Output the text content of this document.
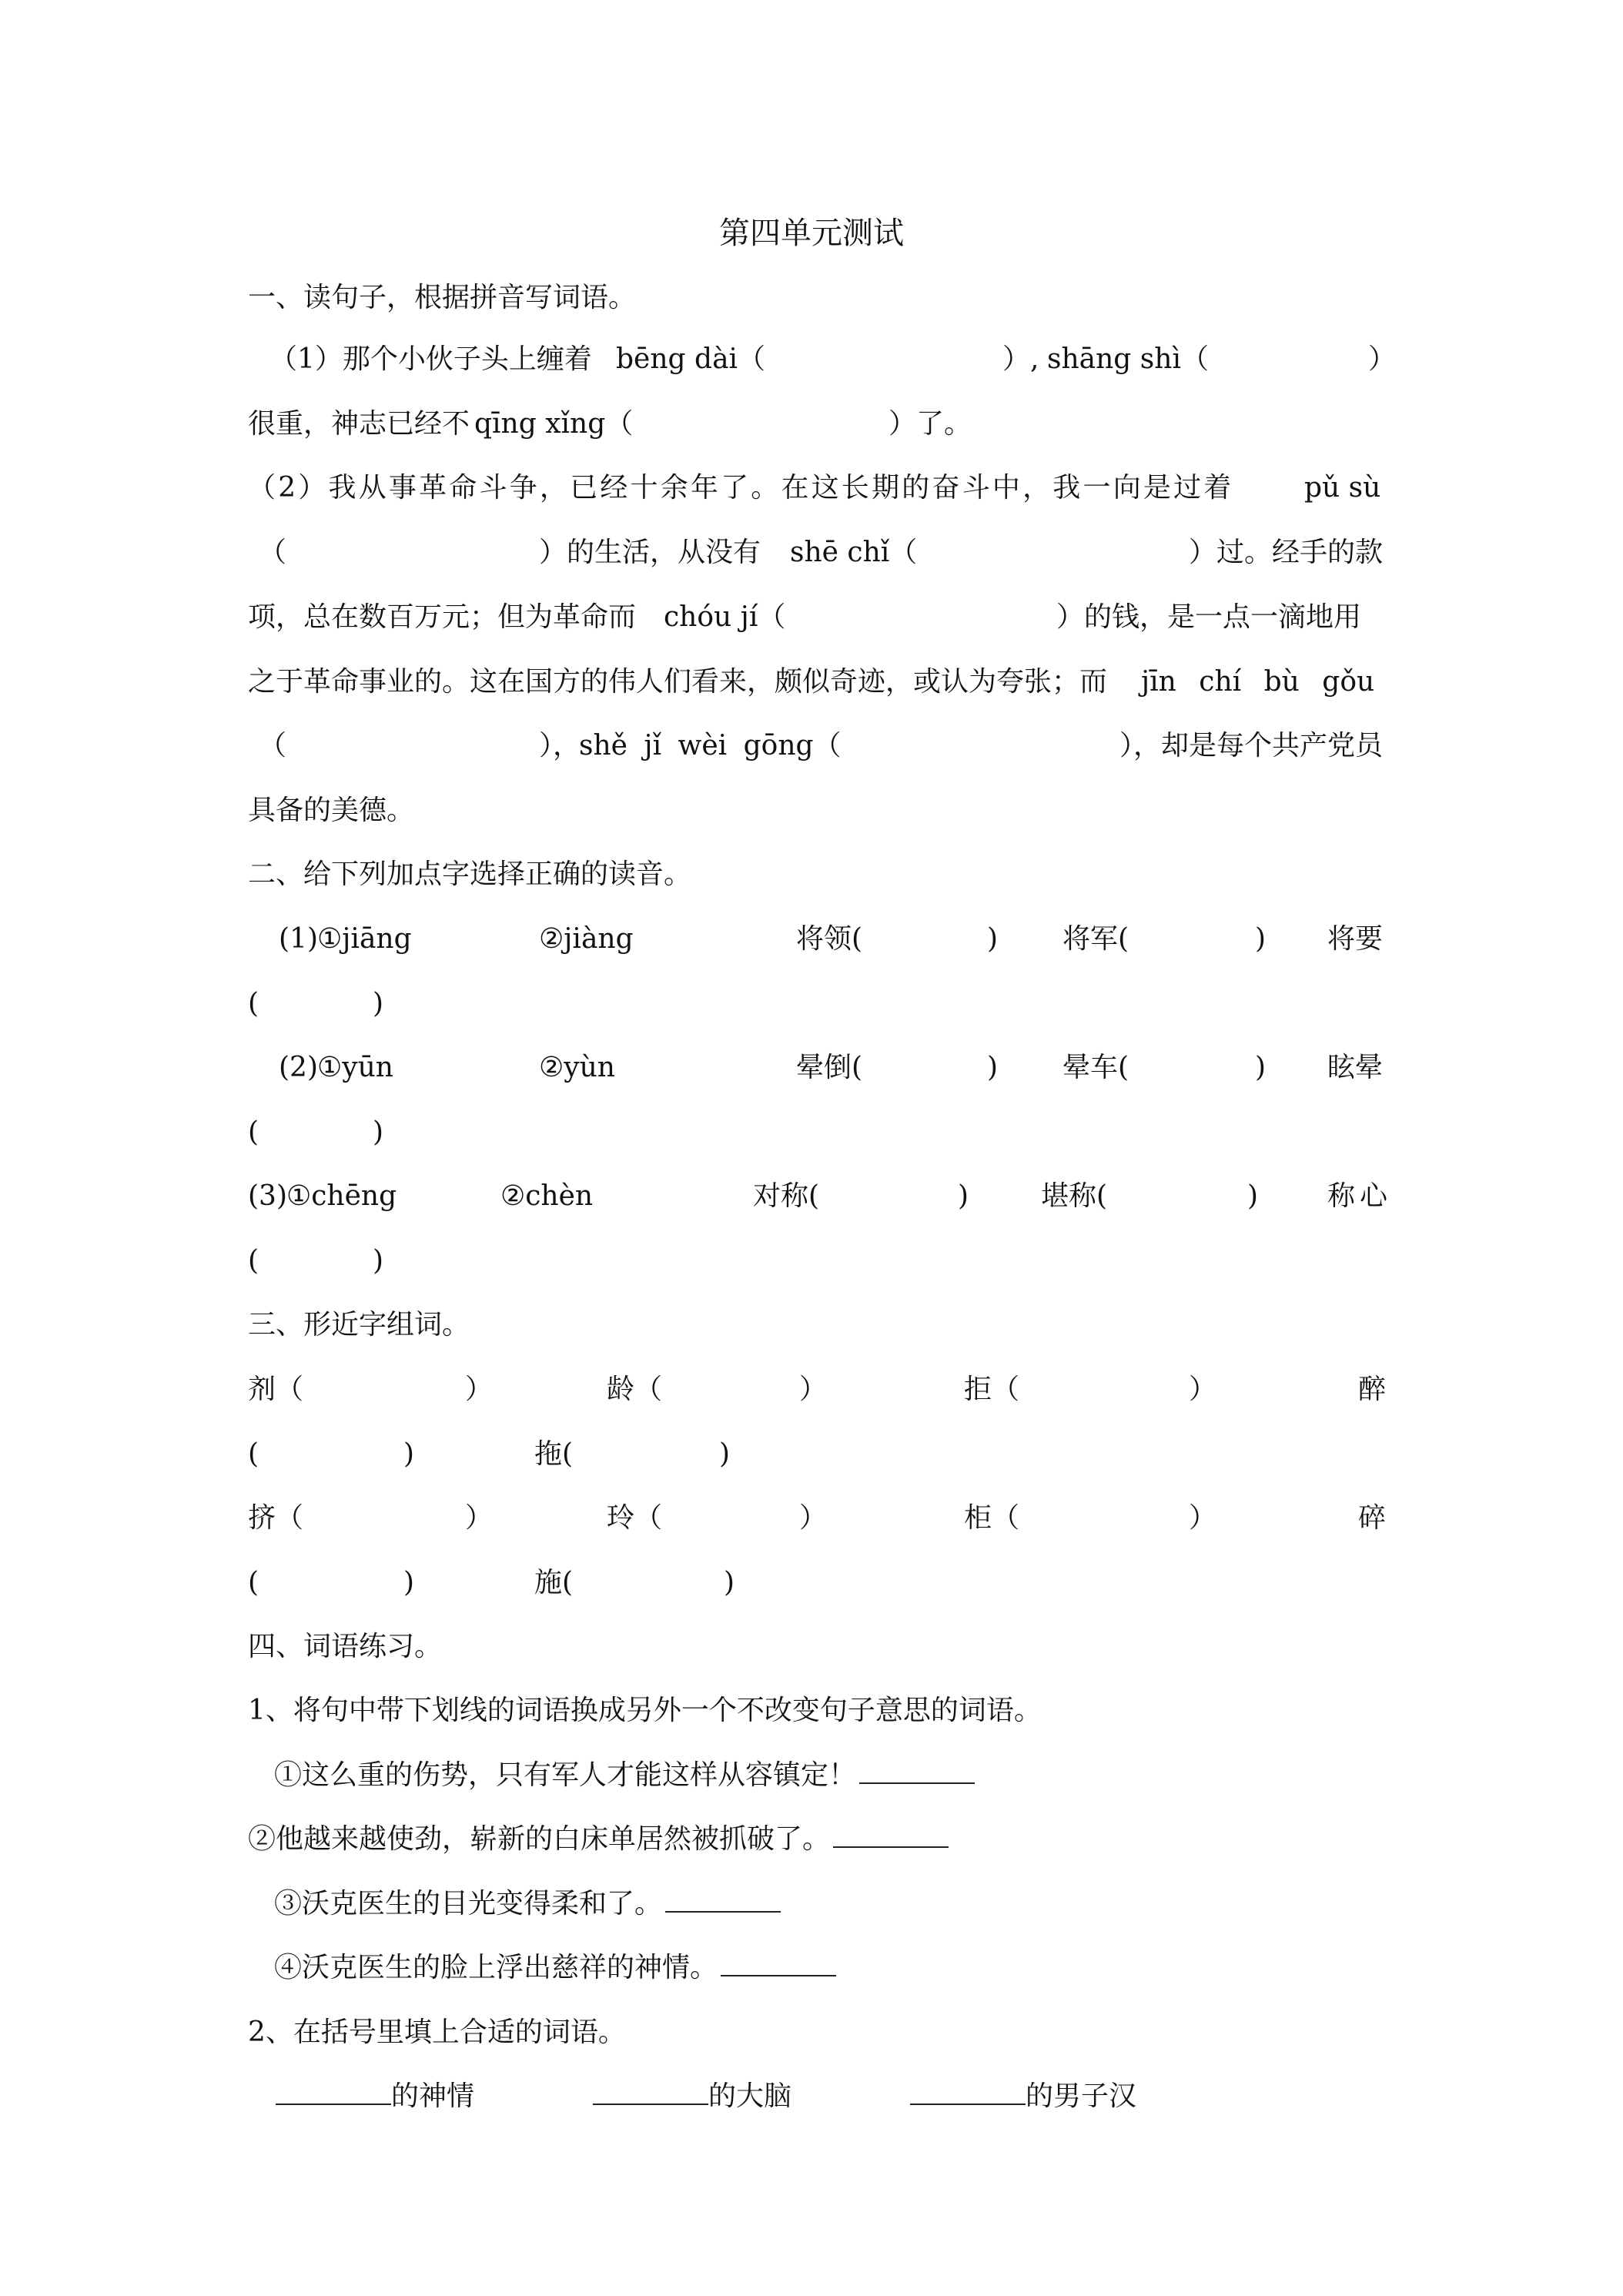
第四单元测试
一、读句子，根据拼音写词语。
（1）那个小伙子头上缠着 bēng dài（	）, shāng shì（	）
很重，神志已经不 qīng xǐng（	）了。
（2）我从事革命斗争，已经十余年了。在这长期的奋斗中，我一向是过着	pǔ sù
（	）的生活，从没有 shē chǐ（	）过。经手的款
项，总在数百万元；但为革命而 chóu jí（	）的钱，是一点一滴地用
之于革命事业的。这在国方的伟人们看来，颇似奇迹，或认为夸张；而 jīn chí bù gǒu
（	），
shě jǐ wèi gōng（	），却是每个共产党员
具备的美德。
二、给下列加点字选择正确的读音。
(1) ①jiāng	②jiàng	将领(	) 将军(	) 将要
(	)
(2) ①yūn	②yùn	晕倒(	) 晕车(	) 眩晕
(	)
(3) ①chēng	②chèn	对称(	)	堪称(	) 称心
(	)
三、形近字组词。
剂（	）	龄（	）	拒（	）	醉
(	)	拖(	)
挤（	）	玲（	）	柜（	）	碎
(	)	施(	)
四、词语练习。
1、将句中带下划线的词语换成另外一个不改变句子意思的词语。
①这么重的伤势，只有军人才能这样从容镇定！
②他越来越使劲，崭新的白床单居然被抓破了。
③沃克医生的目光变得柔和了。
④沃克医生的脸上浮出慈祥的神情。
2、在括号里填上合适的词语。
的神情	的大脑	的男子汉
